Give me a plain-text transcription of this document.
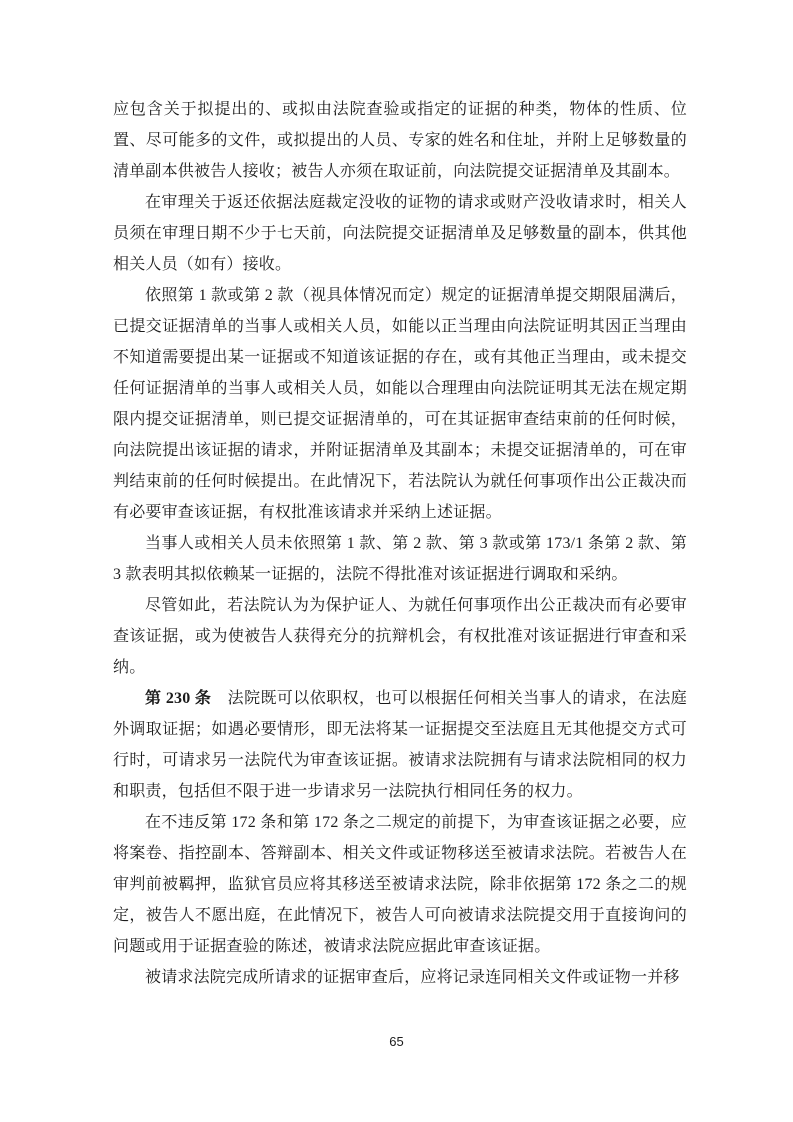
应包含关于拟提出的、或拟由法院查验或指定的证据的种类，物体的性质、位置、尽可能多的文件，或拟提出的人员、专家的姓名和住址，并附上足够数量的清单副本供被告人接收；被告人亦须在取证前，向法院提交证据清单及其副本。

在审理关于返还依据法庭裁定没收的证物的请求或财产没收请求时，相关人员须在审理日期不少于七天前，向法院提交证据清单及足够数量的副本，供其他相关人员（如有）接收。

依照第 1 款或第 2 款（视具体情况而定）规定的证据清单提交期限届满后，已提交证据清单的当事人或相关人员，如能以正当理由向法院证明其因正当理由不知道需要提出某一证据或不知道该证据的存在，或有其他正当理由，或未提交任何证据清单的当事人或相关人员，如能以合理理由向法院证明其无法在规定期限内提交证据清单，则已提交证据清单的，可在其证据审查结束前的任何时候，向法院提出该证据的请求，并附证据清单及其副本；未提交证据清单的，可在审判结束前的任何时候提出。在此情况下，若法院认为就任何事项作出公正裁决而有必要审查该证据，有权批准该请求并采纳上述证据。

当事人或相关人员未依照第 1 款、第 2 款、第 3 款或第 173/1 条第 2 款、第 3 款表明其拟依赖某一证据的，法院不得批准对该证据进行调取和采纳。

尽管如此，若法院认为为保护证人、为就任何事项作出公正裁决而有必要审查该证据，或为使被告人获得充分的抗辩机会，有权批准对该证据进行审查和采纳。

第 230 条　法院既可以依职权，也可以根据任何相关当事人的请求，在法庭外调取证据；如遇必要情形，即无法将某一证据提交至法庭且无其他提交方式可行时，可请求另一法院代为审查该证据。被请求法院拥有与请求法院相同的权力和职责，包括但不限于进一步请求另一法院执行相同任务的权力。

在不违反第 172 条和第 172 条之二规定的前提下，为审查该证据之必要，应将案卷、指控副本、答辩副本、相关文件或证物移送至被请求法院。若被告人在审判前被羁押，监狱官员应将其移送至被请求法院，除非依据第 172 条之二的规定，被告人不愿出庭，在此情况下，被告人可向被请求法院提交用于直接询问的问题或用于证据查验的陈述，被请求法院应据此审查该证据。

被请求法院完成所请求的证据审查后，应将记录连同相关文件或证物一并移

65
